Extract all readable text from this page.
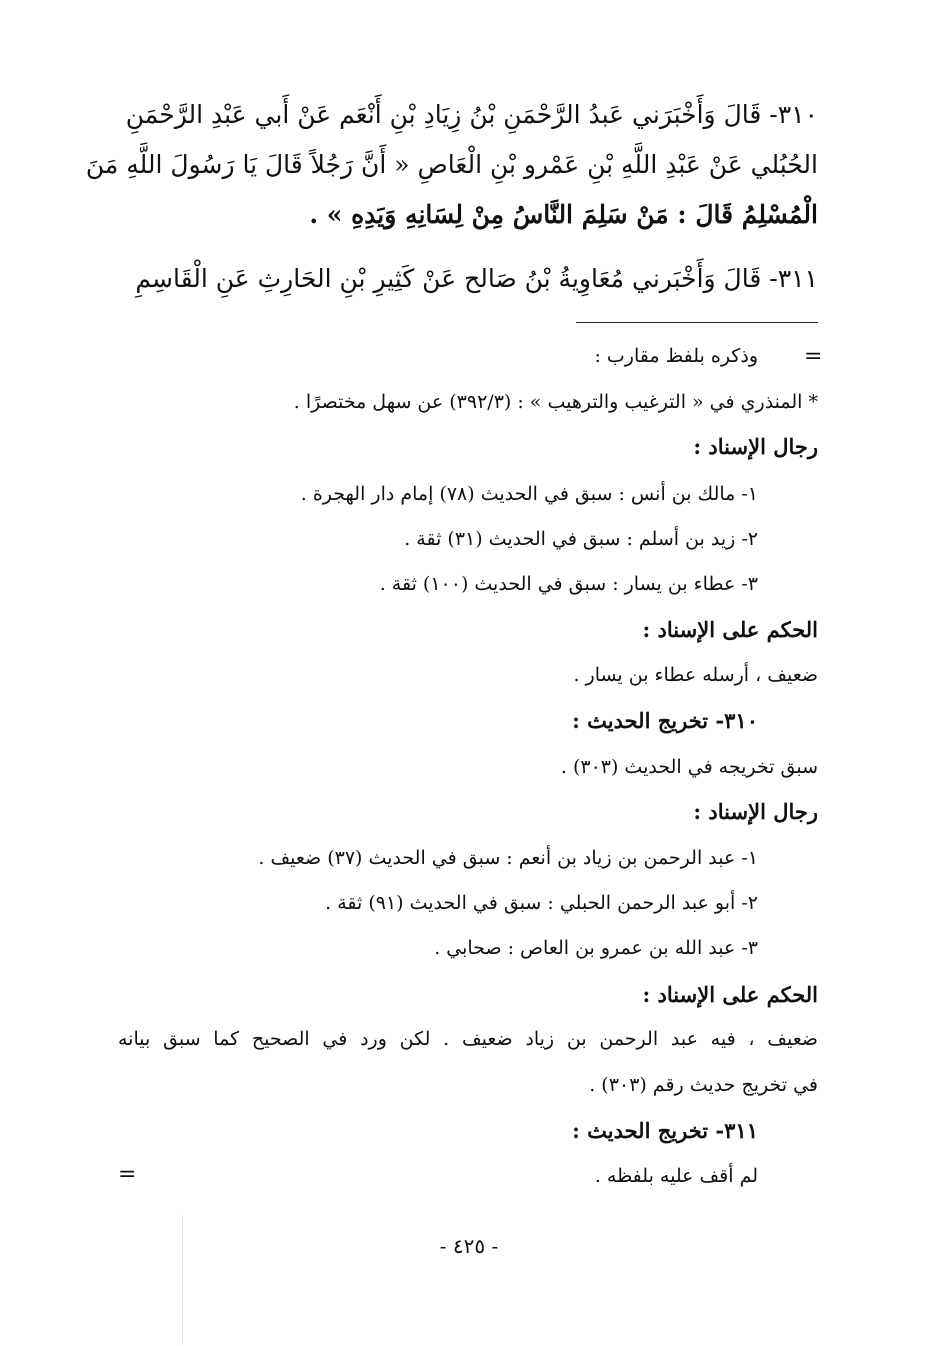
٣١٠- قَالَ وَأَخْبَرَني عَبدُ الرَّحْمَنِ بْنُ زِيَادِ بْنِ أَنْعَم عَنْ أَبي عَبْدِ الرَّحْمَنِ
الحُبُلي عَنْ عَبْدِ اللَّهِ بْنِ عَمْرو بْنِ الْعَاصِ « أَنَّ رَجُلاً قَالَ يَا رَسُولَ اللَّهِ مَنَ
الْمُسْلِمُ قَالَ : مَنْ سَلِمَ النَّاسُ مِنْ لِسَانِهِ وَيَدِهِ » .
٣١١- قَالَ وَأَخْبَرني مُعَاوِيةُ بْنُ صَالح عَنْ كَثِيرِ بْنِ الحَارِثِ عَنِ الْقَاسِمِ
=
وذكره بلفظ مقارب :
* المنذري في « الترغيب والترهيب » : (٣٩٢/٣) عن سهل مختصرًا .
رجال الإسناد :
١- مالك بن أنس : سبق في الحديث (٧٨) إمام دار الهجرة .
٢- زيد بن أسلم : سبق في الحديث (٣١) ثقة .
٣- عطاء بن يسار : سبق في الحديث (١٠٠) ثقة .
الحكم على الإسناد :
ضعيف ، أرسله عطاء بن يسار .
٣١٠- تخريج الحديث :
سبق تخريجه في الحديث (٣٠٣) .
رجال الإسناد :
١- عبد الرحمن بن زياد بن أنعم : سبق في الحديث (٣٧) ضعيف .
٢- أبو عبد الرحمن الحبلي : سبق في الحديث (٩١) ثقة .
٣- عبد الله بن عمرو بن العاص : صحابي .
الحكم على الإسناد :
ضعيف ، فيه عبد الرحمن بن زياد ضعيف . لكن ورد في الصحيح كما سبق بيانه
في تخريج حديث رقم (٣٠٣) .
٣١١- تخريج الحديث :
لم أقف عليه بلفظه .
=
- ٤٢٥ -
